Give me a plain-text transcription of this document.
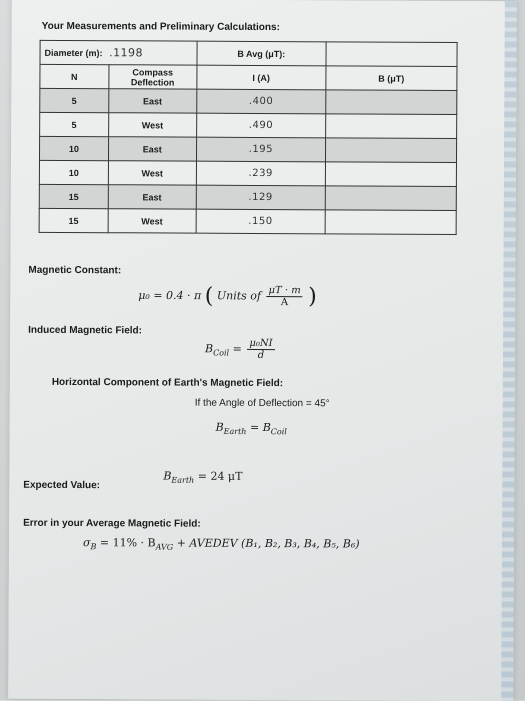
Your Measurements and Preliminary Calculations:
Diameter (m): .1198		B Avg (μT):	
N	Compass Deflection	I (A)	B (μT)
5	East	.400	
5	West	.490	
10	East	.195	
10	West	.239	
15	East	.129	
15	West	.150	
Magnetic Constant:
μ₀ = 0.4 · π ( Units of $\frac{\mu T \cdot m}{A}$ )
Induced Magnetic Field:
$B_{Coil} = \frac{\text{μ₀NI}}{d}$
Horizontal Component of Earth's Magnetic Field:
If the Angle of Deflection = 45°
$B_{Earth} = B_{Coil}$
Expected Value:
$B_{Earth} = 24$ μT
Error in your Average Magnetic Field:
$\sigma_B = 11\% \cdot B_{AVG}$ + AVEDEV (B₁, B₂, B₃, B₄, B₅, B₆)
